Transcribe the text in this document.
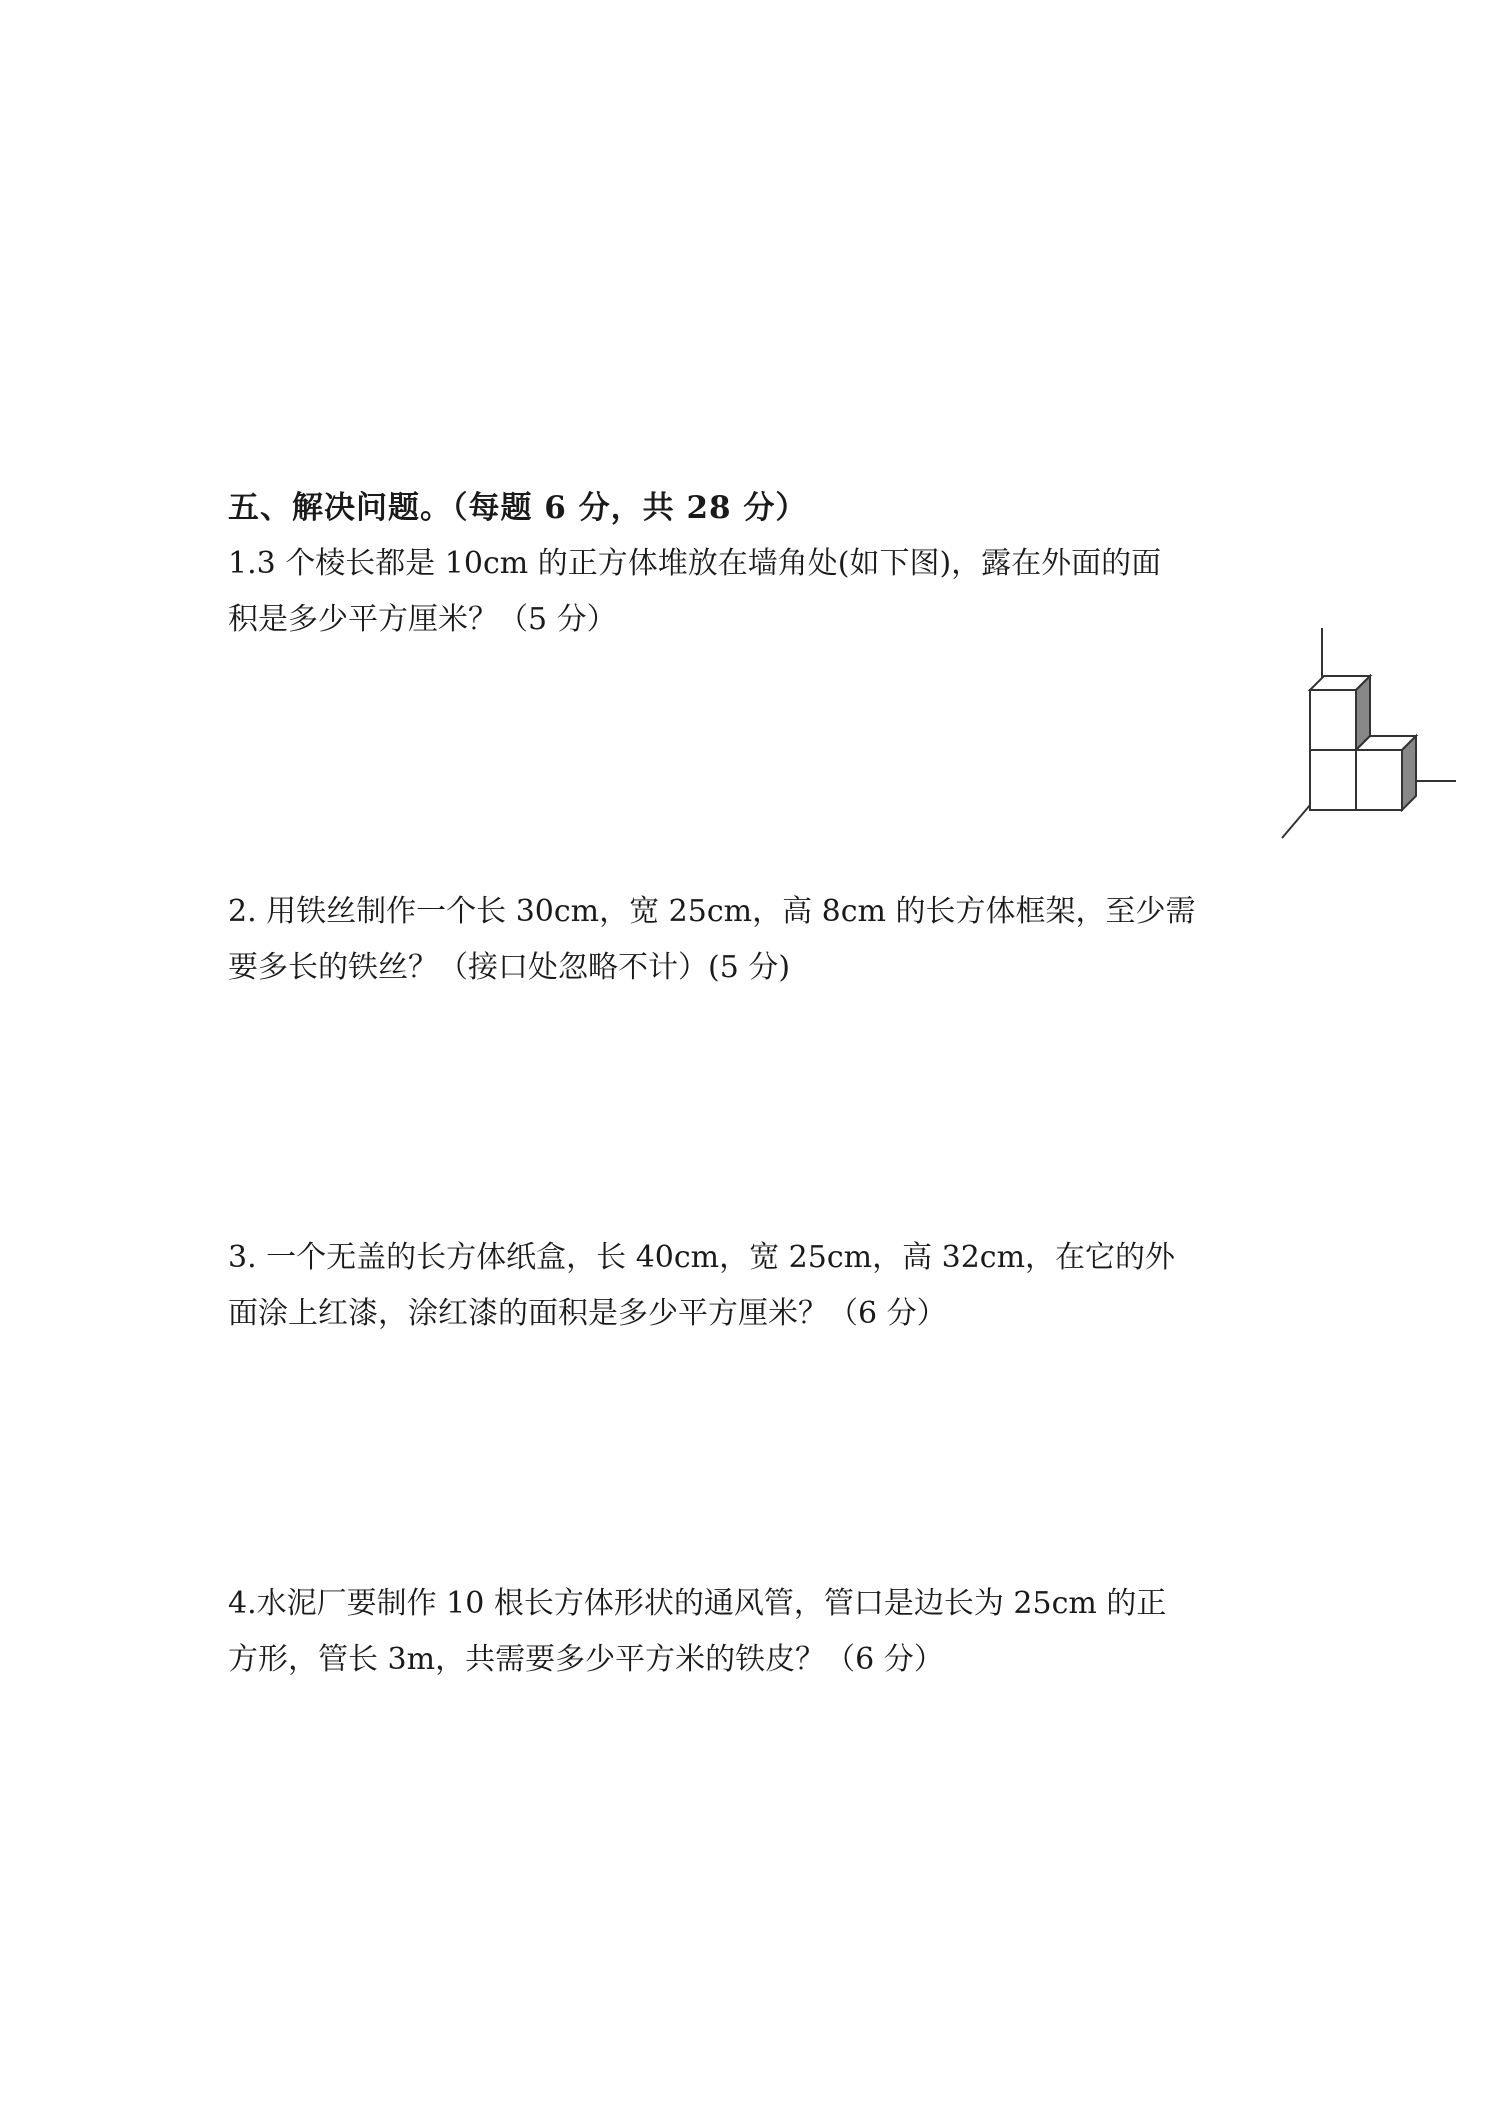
五、解决问题。（每题 6 分，共 28 分）
1.3 个棱长都是 10cm 的正方体堆放在墙角处(如下图)，露在外面的面
积是多少平方厘米？（5 分）
2. 用铁丝制作一个长 30cm，宽 25cm，高 8cm 的长方体框架，至少需
要多长的铁丝？（接口处忽略不计）(5 分)
3. 一个无盖的长方体纸盒，长 40cm，宽 25cm，高 32cm，在它的外
面涂上红漆，涂红漆的面积是多少平方厘米？（6 分）
4.水泥厂要制作 10 根长方体形状的通风管，管口是边长为 25cm 的正
方形，管长 3m，共需要多少平方米的铁皮？（6 分）
